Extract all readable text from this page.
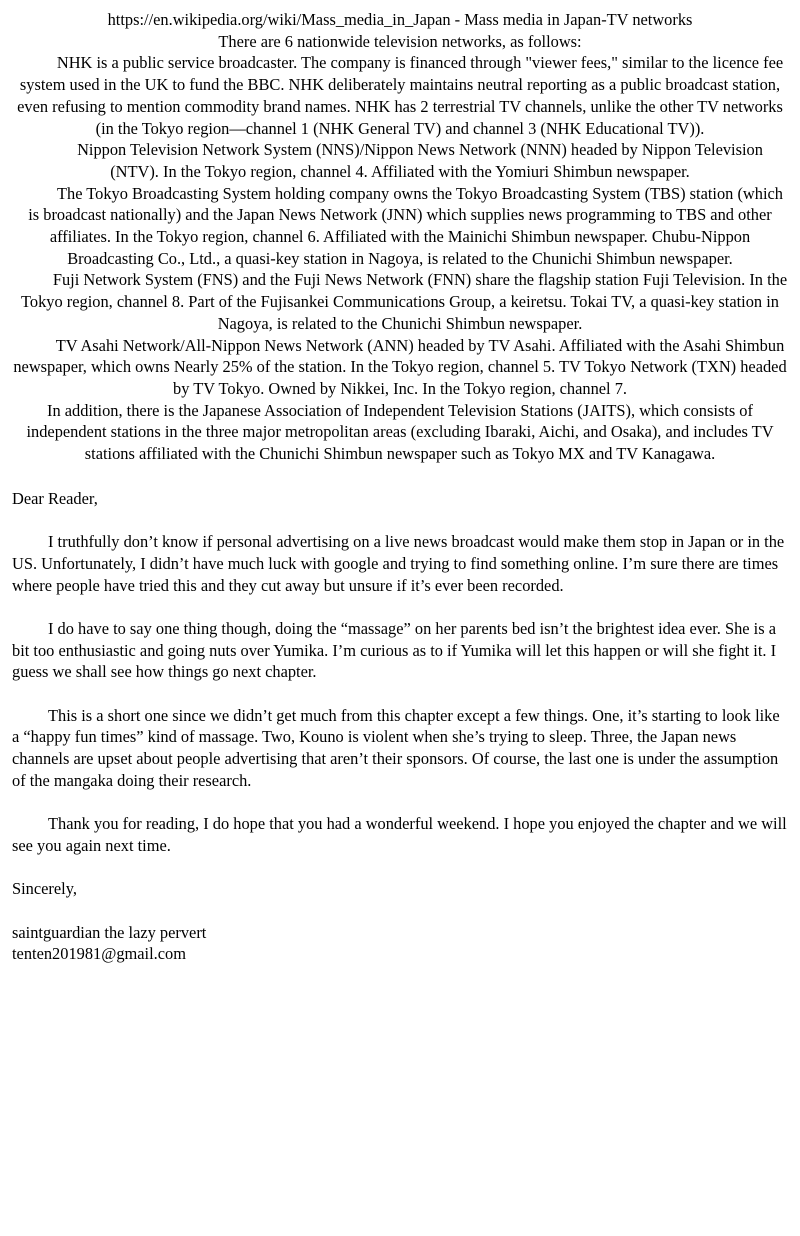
https://en.wikipedia.org/wiki/Mass_media_in_Japan - Mass media in Japan-TV networks

There are 6 nationwide television networks, as follows:

NHK is a public service broadcaster. The company is financed through "viewer fees," similar to the licence fee system used in the UK to fund the BBC. NHK deliberately maintains neutral reporting as a public broadcast station, even refusing to mention commodity brand names. NHK has 2 terrestrial TV channels, unlike the other TV networks (in the Tokyo region—channel 1 (NHK General TV) and channel 3 (NHK Educational TV)).

Nippon Television Network System (NNS)/Nippon News Network (NNN) headed by Nippon Television (NTV). In the Tokyo region, channel 4. Affiliated with the Yomiuri Shimbun newspaper.

The Tokyo Broadcasting System holding company owns the Tokyo Broadcasting System (TBS) station (which is broadcast nationally) and the Japan News Network (JNN) which supplies news programming to TBS and other affiliates. In the Tokyo region, channel 6. Affiliated with the Mainichi Shimbun newspaper. Chubu-Nippon Broadcasting Co., Ltd., a quasi-key station in Nagoya, is related to the Chunichi Shimbun newspaper.

Fuji Network System (FNS) and the Fuji News Network (FNN) share the flagship station Fuji Television. In the Tokyo region, channel 8. Part of the Fujisankei Communications Group, a keiretsu. Tokai TV, a quasi-key station in Nagoya, is related to the Chunichi Shimbun newspaper.

TV Asahi Network/All-Nippon News Network (ANN) headed by TV Asahi. Affiliated with the Asahi Shimbun newspaper, which owns Nearly 25% of the station. In the Tokyo region, channel 5. TV Tokyo Network (TXN) headed by TV Tokyo. Owned by Nikkei, Inc. In the Tokyo region, channel 7.

In addition, there is the Japanese Association of Independent Television Stations (JAITS), which consists of independent stations in the three major metropolitan areas (excluding Ibaraki, Aichi, and Osaka), and includes TV stations affiliated with the Chunichi Shimbun newspaper such as Tokyo MX and TV Kanagawa.

Dear Reader,

I truthfully don’t know if personal advertising on a live news broadcast would make them stop in Japan or in the US. Unfortunately, I didn’t have much luck with google and trying to find something online. I’m sure there are times where people have tried this and they cut away but unsure if it’s ever been recorded.

I do have to say one thing though, doing the “massage” on her parents bed isn’t the brightest idea ever. She is a bit too enthusiastic and going nuts over Yumika. I’m curious as to if Yumika will let this happen or will she fight it. I guess we shall see how things go next chapter.

This is a short one since we didn’t get much from this chapter except a few things. One, it’s starting to look like a “happy fun times” kind of massage. Two, Kouno is violent when she’s trying to sleep. Three, the Japan news channels are upset about people advertising that aren’t their sponsors. Of course, the last one is under the assumption of the mangaka doing their research.

Thank you for reading, I do hope that you had a wonderful weekend. I hope you enjoyed the chapter and we will see you again next time.

Sincerely,

saintguardian the lazy pervert

tenten201981@gmail.com
